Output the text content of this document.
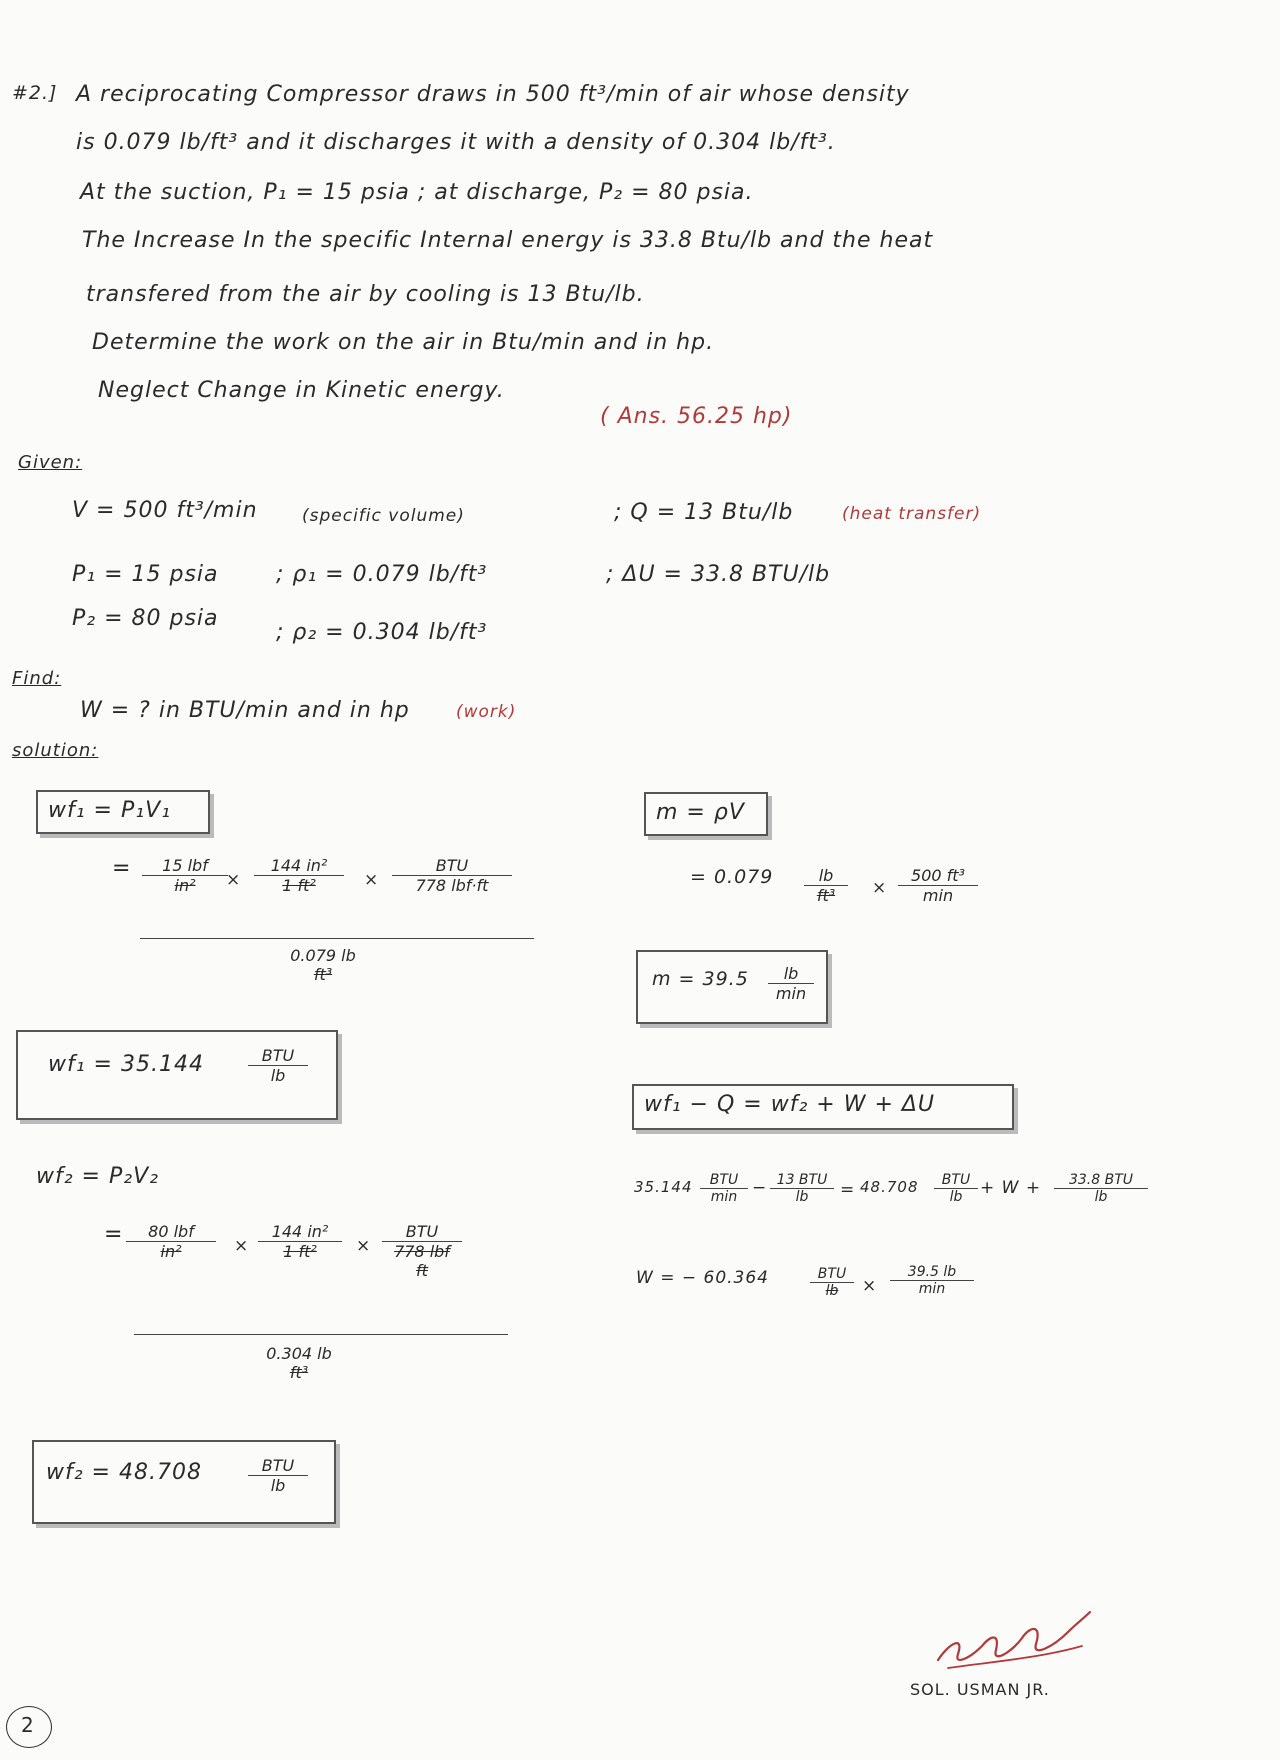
#2.] A reciprocating Compressor draws in 500 ft³/min of air whose density
is 0.079 lb/ft³ and it discharges it with a density of 0.304 lb/ft³.
At the suction, P₁ = 15 psia ; at discharge, P₂ = 80 psia.
The Increase In the specific Internal energy is 33.8 Btu/lb and the heat
transfered from the air by cooling is 13 Btu/lb.
Determine the work on the air in Btu/min and in hp.
Neglect Change in Kinetic energy.
( Ans. 56.25 hp)
Given:
V = 500 ft³/min	(specific volume)	; Q = 13 Btu/lb	(heat transfer)
P₁ = 15 psia	; ρ₁ = 0.079 lb/ft³	; ΔU = 33.8 BTU/lb
P₂ = 80 psia
; ρ₂ = 0.304 lb/ft³
Find:
W = ? in BTU/min and in hp	(work)
solution:
wf₁ = P₁V₁
=	15 lbf
in²	× $\frac{\text{144 in²}}{\text{1 ft²}}$ ×
BTU
778 lbf·ft
0.079 lb
ft³
wf₁ = 35.144	BTU
lb
wf₂ = P₂V₂
=	80 lbf
in²	× $\frac{\text{144 in²}}{\text{1 ft²}}$ ×
BTU
778 lbf
ft
0.304 lb
ft³
wf₂ = 48.708	BTU
lb
m = ρV
= $0.079 \frac{lb}{\text{ft³}}$ ×
500 ft³
min
m = 39.5	lb
min
wf₁ − Q = wf₂ + W + ΔU
35.144	BTU
min − 13 BTU
lb	= 48.708	BTU
lb	+ W +	33.8 BTU
lb
W = − 60.364	BTU
lb	×
39.5 lb
min
2
SOL. USMAN JR.
